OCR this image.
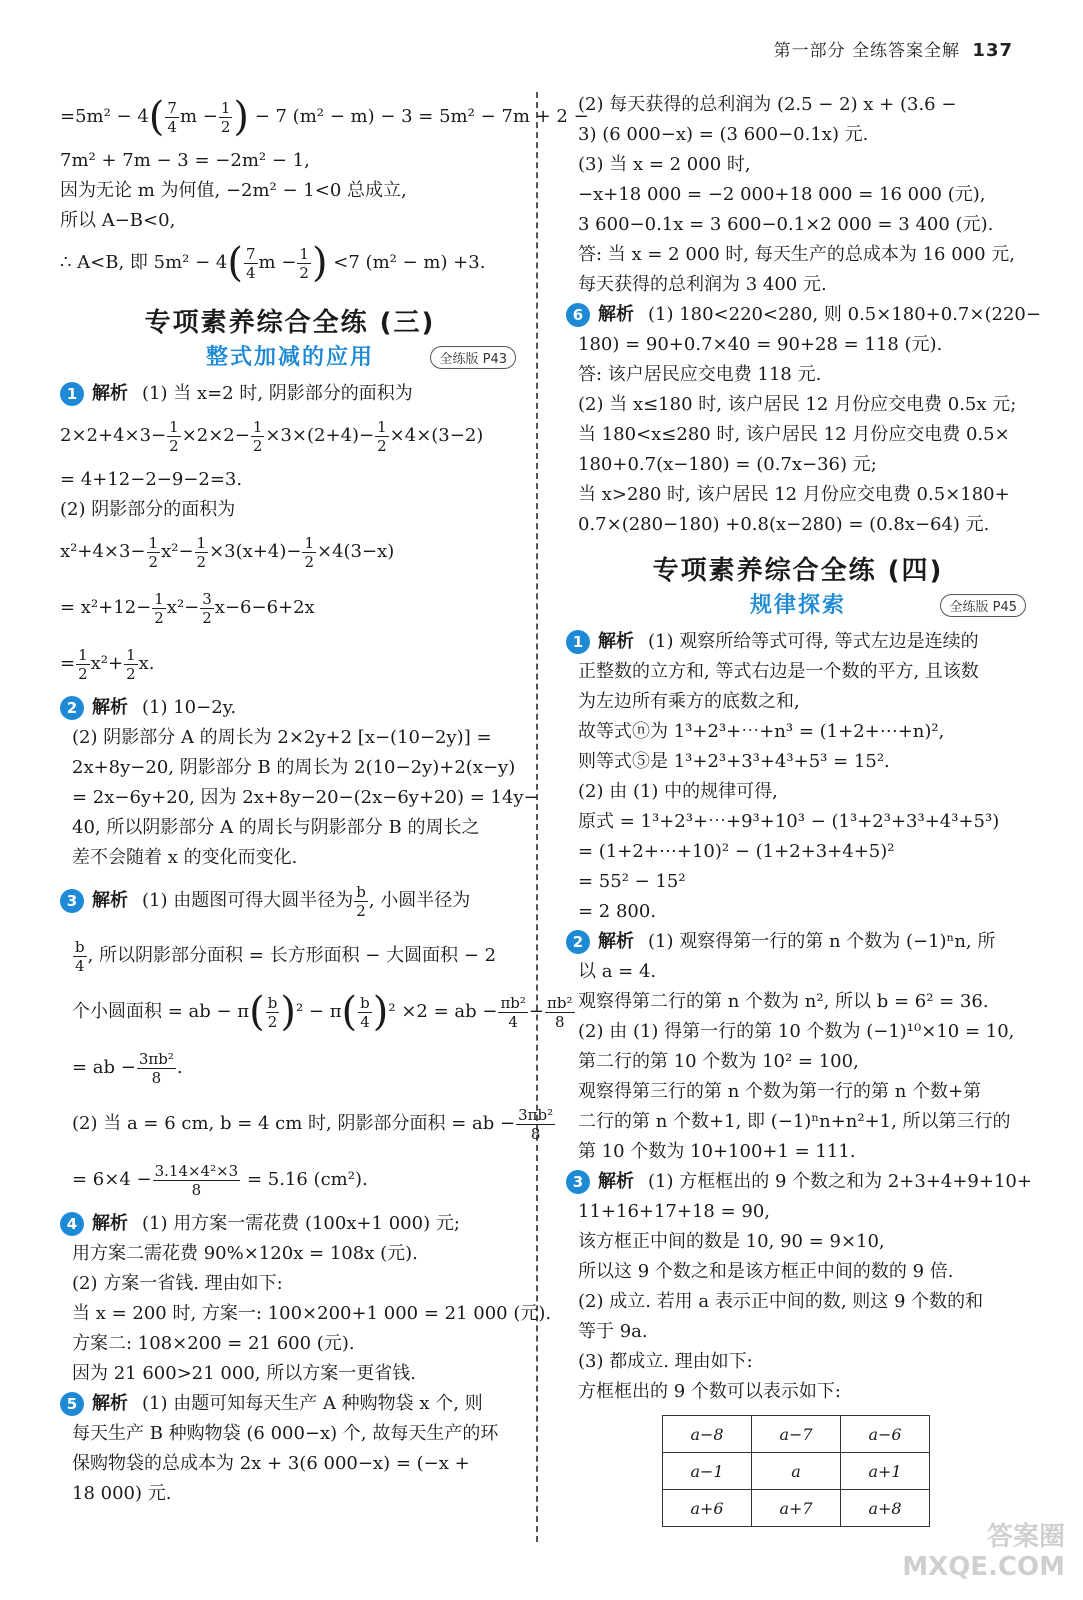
第一部分 全练答案全解 137
$=5m^2 - 4( \frac{7}{4}$ $m - \frac{1}{2}$ ) − 7 (m² − m) − 3 = 5m² − 7m + 2 −
7m² + 7m − 3 = −2m² − 1,
因为无论 m 为何值, −2m² − 1<0 总成立,
所以 A−B<0,
∴ A<B, 即 $5m^2 - 4( \frac{7}{4}$ $m - \frac{1}{2}$ ) <7 (m² − m) +3.
专项素养综合全练 (三)
整式加减的应用	全练版 P43
1 解析 (1) 当 x=2 时, 阴影部分的面积为
$2\times 2+4\times 3- \frac{1}{2} \times 2\times 2- \frac{1}{2} \times 3\times(2+4)- \frac{1}{2} \times 4\times(3-2)$
= 4+12−2−9−2=3.
(2) 阴影部分的面积为
$x^2+4\times 3- \frac{1}{2} x^2- \frac{1}{2} \times 3(x+4)- \frac{1}{2} \times 4(3-x)$
= $x^2+12- \frac{1}{2} x^2- \frac{3}{2} x-6-6+2x$
= $\frac{1}{2} x^2+ \frac{1}{2} x$.
2 解析 (1) 10−2y.
(2) 阴影部分 A 的周长为 2×2y+2 [x−(10−2y)] =
2x+8y−20, 阴影部分 B 的周长为 2(10−2y)+2(x−y)
= 2x−6y+20, 因为 2x+8y−20−(2x−6y+20) = 14y−
40, 所以阴影部分 A 的周长与阴影部分 B 的周长之
差不会随着 x 的变化而变化.
3 解析 (1) 由题图可得大圆半径为 $\frac{b}{2}$ , 小圆半径为
$\frac{b}{4}$ , 所以阴影部分面积 = 长方形面积 − 大圆面积 − 2
个小圆面积 = ab − $\pi( \frac{b}{2} )^2 - \pi( \frac{b}{4} )^2 \times 2$ = ab − $\frac{\text{πb²}}{4} - \frac{\text{πb²}}{8}$
= ab − $\frac{\text{3πb²}}{8}$ .
(2) 当 a = 6 cm, b = 4 cm 时, 阴影部分面积 = ab − $\frac{\text{3πb²}}{8}$
= $6\times 4 - \frac{\text{3.14×4²×3}}{8} = 5.16$ (cm²).
4 解析 (1) 用方案一需花费 (100x+1 000) 元;
用方案二需花费 90%×120x = 108x (元).
(2) 方案一省钱. 理由如下:
当 x = 200 时, 方案一: 100×200+1 000 = 21 000 (元).
方案二: 108×200 = 21 600 (元).
因为 21 600>21 000, 所以方案一更省钱.
5 解析 (1) 由题可知每天生产 A 种购物袋 x 个, 则
每天生产 B 种购物袋 (6 000−x) 个, 故每天生产的环
保购物袋的总成本为 2x + 3(6 000−x) = (−x +
18 000) 元.
(2) 每天获得的总利润为 (2.5 − 2) x + (3.6 −
3) (6 000−x) = (3 600−0.1x) 元.
(3) 当 x = 2 000 时,
−x+18 000 = −2 000+18 000 = 16 000 (元),
3 600−0.1x = 3 600−0.1×2 000 = 3 400 (元).
答: 当 x = 2 000 时, 每天生产的总成本为 16 000 元,
每天获得的总利润为 3 400 元.
6 解析 (1) 180<220<280, 则 0.5×180+0.7×(220−
180) = 90+0.7×40 = 90+28 = 118 (元).
答: 该户居民应交电费 118 元.
(2) 当 x≤180 时, 该户居民 12 月份应交电费 0.5x 元;
当 180<x≤280 时, 该户居民 12 月份应交电费 0.5×
180+0.7(x−180) = (0.7x−36) 元;
当 x>280 时, 该户居民 12 月份应交电费 0.5×180+
0.7×(280−180) +0.8(x−280) = (0.8x−64) 元.
专项素养综合全练 (四)
规律探索	全练版 P45
1 解析 (1) 观察所给等式可得, 等式左边是连续的
正整数的立方和, 等式右边是一个数的平方, 且该数
为左边所有乘方的底数之和,
故等式ⓝ为 1³+2³+⋯+n³ = (1+2+⋯+n)²,
则等式⑤是 1³+2³+3³+4³+5³ = 15².
(2) 由 (1) 中的规律可得,
原式 = 1³+2³+⋯+9³+10³ − (1³+2³+3³+4³+5³)
= (1+2+⋯+10)² − (1+2+3+4+5)²
= 55² − 15²
= 2 800.
2 解析 (1) 观察得第一行的第 n 个数为 (−1)ⁿn, 所
以 a = 4.
观察得第二行的第 n 个数为 n², 所以 b = 6² = 36.
(2) 由 (1) 得第一行的第 10 个数为 (−1)¹⁰×10 = 10,
第二行的第 10 个数为 10² = 100,
观察得第三行的第 n 个数为第一行的第 n 个数+第
二行的第 n 个数+1, 即 (−1)ⁿn+n²+1, 所以第三行的
第 10 个数为 10+100+1 = 111.
3 解析 (1) 方框框出的 9 个数之和为 2+3+4+9+10+
11+16+17+18 = 90,
该方框正中间的数是 10, 90 = 9×10,
所以这 9 个数之和是该方框正中间的数的 9 倍.
(2) 成立. 若用 a 表示正中间的数, 则这 9 个数的和
等于 9a.
(3) 都成立. 理由如下:
方框框出的 9 个数可以表示如下:
a−8	a−7	a−6
a−1	a	a+1
a+6	a+7	a+8
答案圈
MXQE.COM
